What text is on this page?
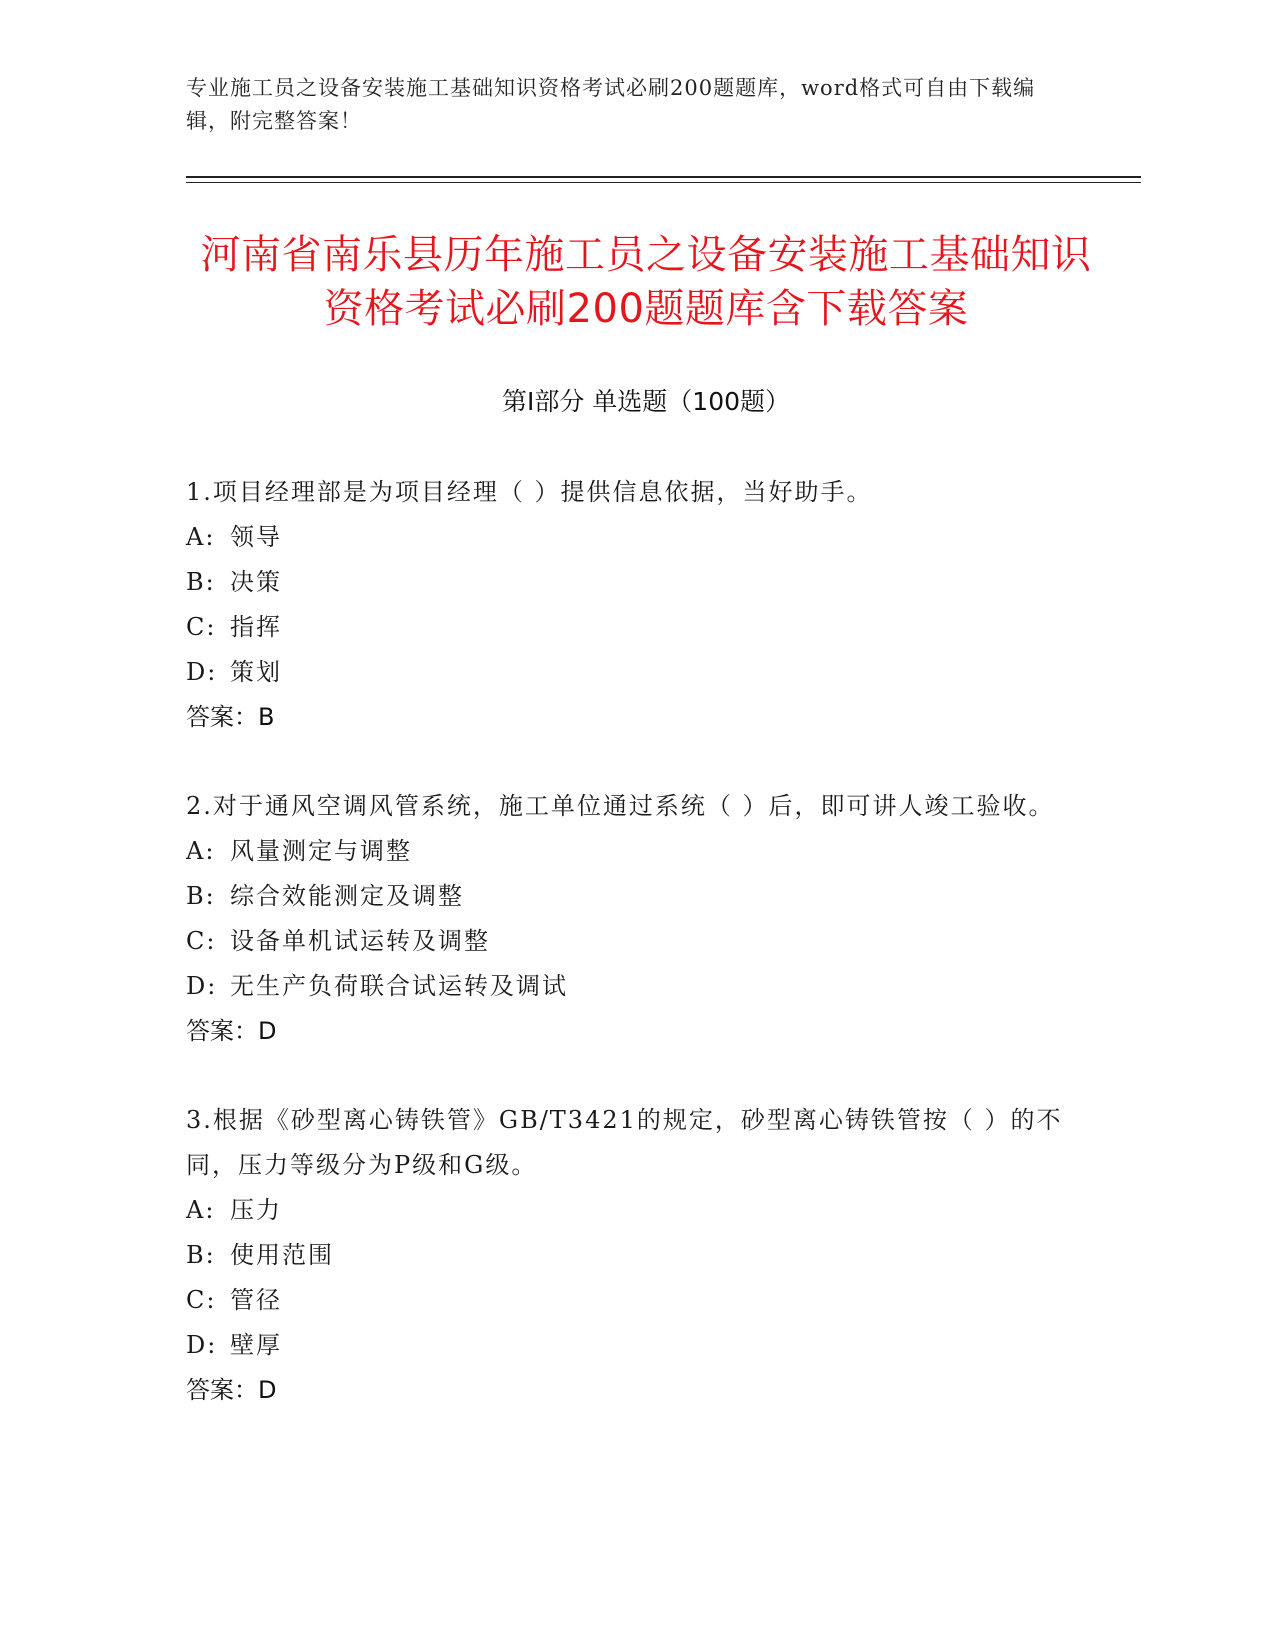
专业施工员之设备安装施工基础知识资格考试必刷200题题库，word格式可自由下载编辑，附完整答案！
河南省南乐县历年施工员之设备安装施工基础知识资格考试必刷200题题库含下载答案
第Ⅰ部分 单选题（100题）
1.项目经理部是为项目经理（ ）提供信息依据，当好助手。
A: 领导
B: 决策
C: 指挥
D: 策划
答案：B
2.对于通风空调风管系统，施工单位通过系统（ ）后，即可讲人竣工验收。
A: 风量测定与调整
B: 综合效能测定及调整
C: 设备单机试运转及调整
D: 无生产负荷联合试运转及调试
答案：D
3.根据《砂型离心铸铁管》GB/T3421的规定，砂型离心铸铁管按（ ）的不同，压力等级分为P级和G级。
A: 压力
B: 使用范围
C: 管径
D: 壁厚
答案：D
